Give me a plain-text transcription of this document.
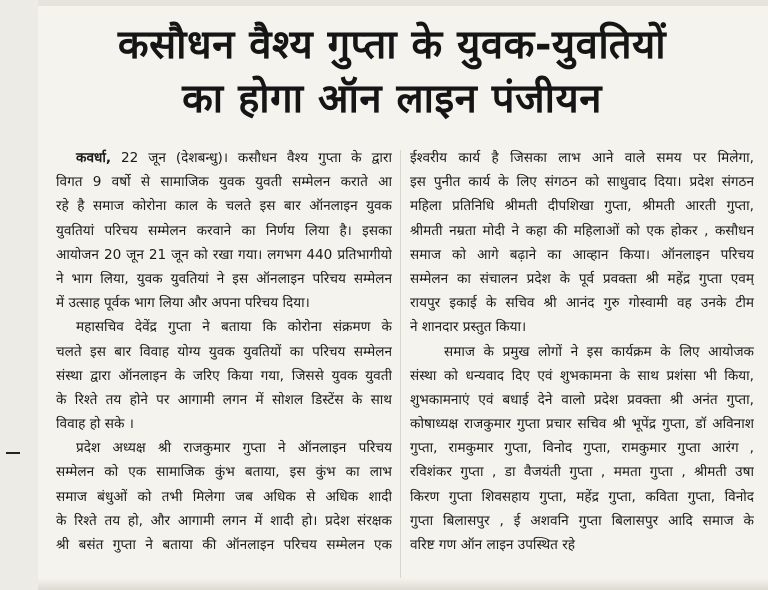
कसौधन वैश्य गुप्ता के युवक-युवतियों
का होगा ऑन लाइन पंजीयन
कवर्धा, 22 जून (देशबन्धु)। कसौधन वैश्य गुप्ता के द्वारा
विगत 9 वर्षो से सामाजिक युवक युवती सम्मेलन कराते आ
रहे है समाज कोरोना काल के चलते इस बार ऑनलाइन युवक
युवतियां परिचय सम्मेलन करवाने का निर्णय लिया है। इसका
आयोजन 20 जून 21 जून को रखा गया। लगभग 440 प्रतिभागीयो
ने भाग लिया, युवक युवतियां ने इस ऑनलाइन परिचय सम्मेलन
में उत्साह पूर्वक भाग लिया और अपना परिचय दिया।
महासचिव देवेंद्र गुप्ता ने बताया कि कोरोना संक्रमण के
चलते इस बार विवाह योग्य युवक युवतियों का परिचय सम्मेलन
संस्था द्वारा ऑनलाइन के जरिए किया गया, जिससे युवक युवती
के रिश्ते तय होने पर आगामी लगन में सोशल डिस्टेंस के साथ
विवाह हो सके ।
प्रदेश अध्यक्ष श्री राजकुमार गुप्ता ने ऑनलाइन परिचय
सम्मेलन को एक सामाजिक कुंभ बताया, इस कुंभ का लाभ
समाज बंधुओं को तभी मिलेगा जब अधिक से अधिक शादी
के रिश्ते तय हो, और आगामी लगन में शादी हो। प्रदेश संरक्षक
श्री बसंत गुप्ता ने बताया की ऑनलाइन परिचय सम्मेलन एक
ईश्वरीय कार्य है जिसका लाभ आने वाले समय पर मिलेगा,
इस पुनीत कार्य के लिए संगठन को साधुवाद दिया। प्रदेश संगठन
महिला प्रतिनिधि श्रीमती दीपशिखा गुप्ता, श्रीमती आरती गुप्ता,
श्रीमती नम्रता मोदी ने कहा की महिलाओं को एक होकर , कसौधन
समाज को आगे बढ़ाने का आव्हान किया। ऑनलाइन परिचय
सम्मेलन का संचालन प्रदेश के पूर्व प्रवक्ता श्री महेंद्र गुप्ता एवम्
रायपुर इकाई के सचिव श्री आनंद गुरु गोस्वामी वह उनके टीम
ने शानदार प्रस्तुत किया।
समाज के प्रमुख लोगों ने इस कार्यक्रम के लिए आयोजक
संस्था को धन्यवाद दिए एवं शुभकामना के साथ प्रशंसा भी किया,
शुभकामनाएं एवं बधाई देने वालो प्रदेश प्रवक्ता श्री अनंत गुप्ता,
कोषाध्यक्ष राजकुमार गुप्ता प्रचार सचिव श्री भूपेंद्र गुप्ता, डॉ अविनाश
गुप्ता, रामकुमार गुप्ता, विनोद गुप्ता, रामकुमार गुप्ता आरंग ,
रविशंकर गुप्ता , डा वैजयंती गुप्ता , ममता गुप्ता , श्रीमती उषा
किरण गुप्ता शिवसहाय गुप्ता, महेंद्र गुप्ता, कविता गुप्ता, विनोद
गुप्ता बिलासपुर , ई अशवनि गुप्ता बिलासपुर आदि समाज के
वरिष्ट गण ऑन लाइन उपस्थित रहे
